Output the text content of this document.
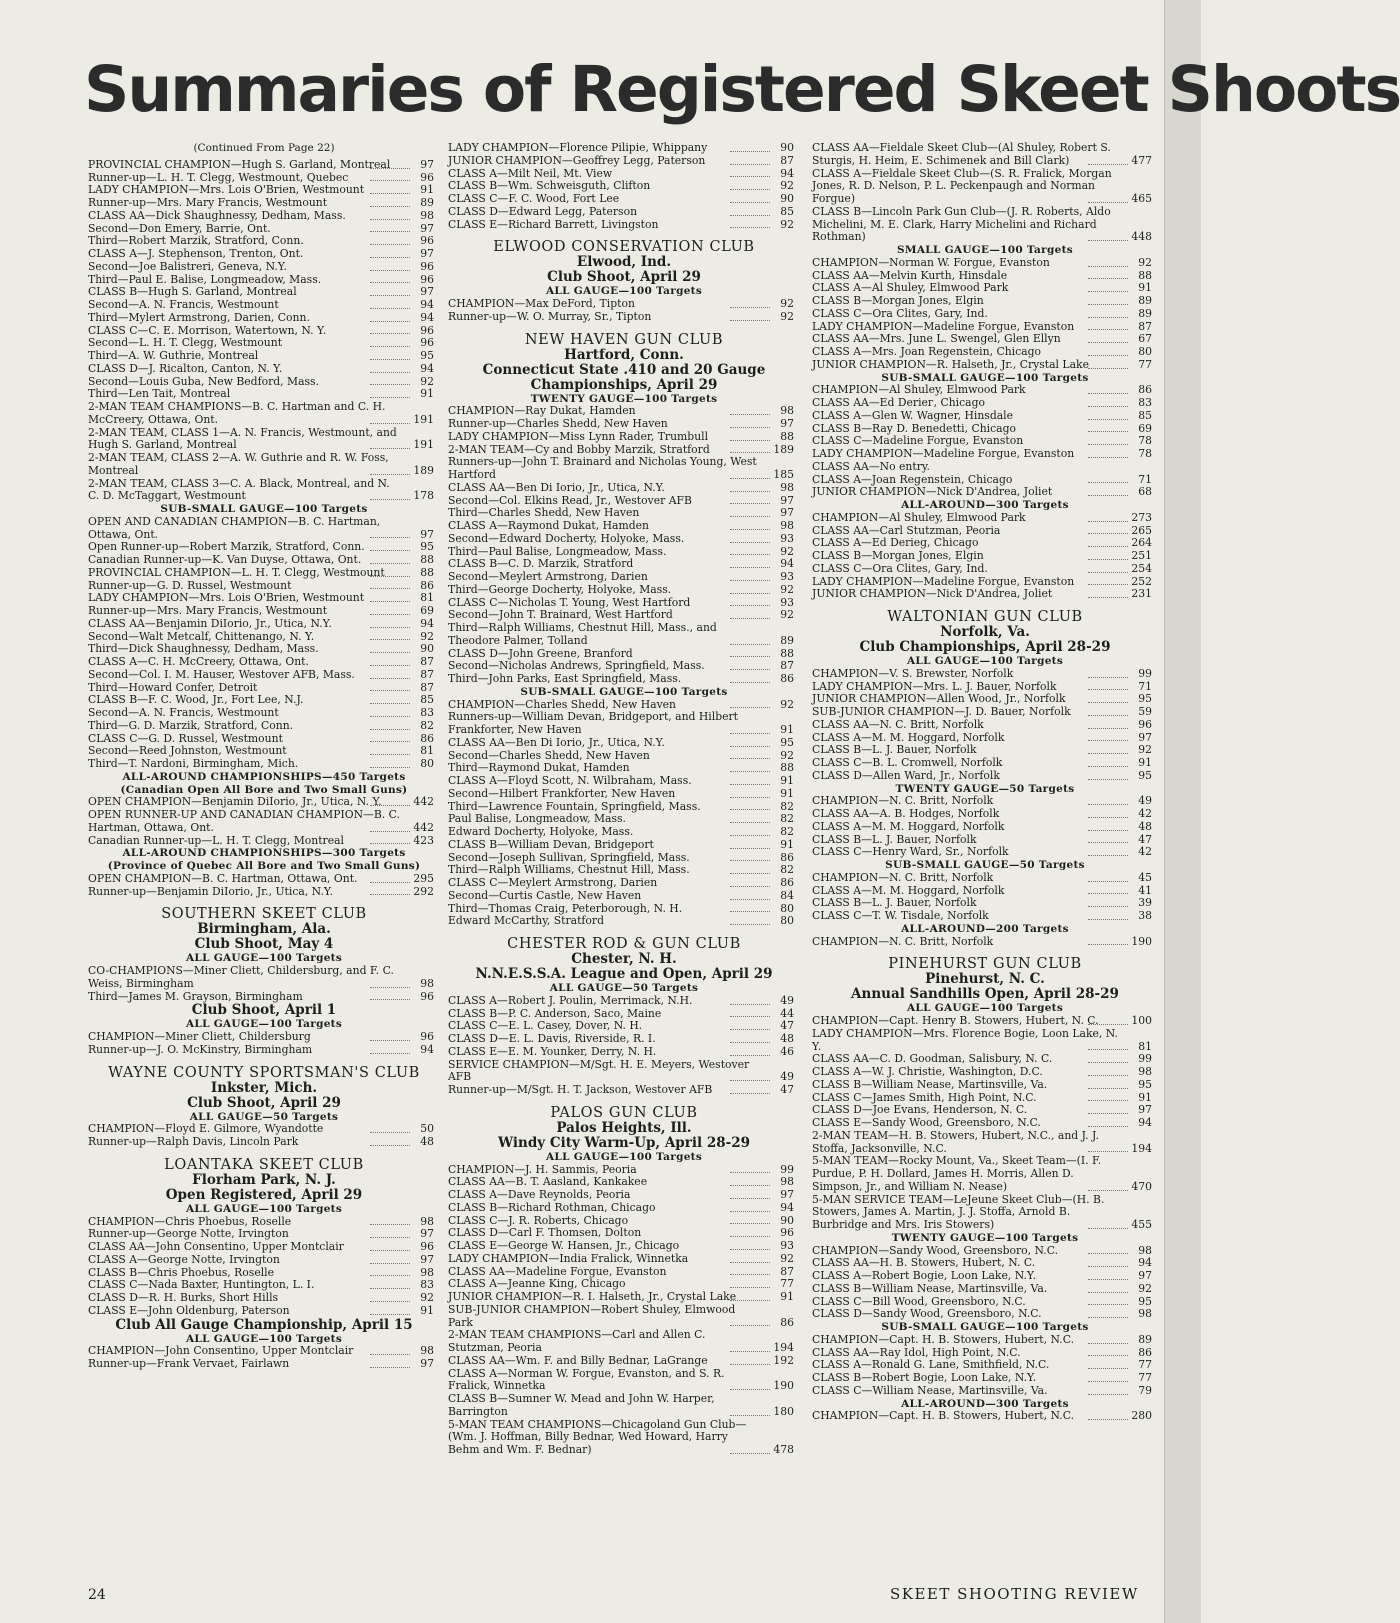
Summaries of Registered Skeet Shoots
(Continued From Page 22)
PROVINCIAL CHAMPION—Hugh S. Garland, Montreal	97
Runner-up—L. H. T. Clegg, Westmount, Quebec	96
LADY CHAMPION—Mrs. Lois O'Brien, Westmount	91
Runner-up—Mrs. Mary Francis, Westmount	89
CLASS AA—Dick Shaughnessy, Dedham, Mass.	98
Second—Don Emery, Barrie, Ont.	97
Third—Robert Marzik, Stratford, Conn.	96
CLASS A—J. Stephenson, Trenton, Ont.	97
Second—Joe Balistreri, Geneva, N.Y.	96
Third—Paul E. Balise, Longmeadow, Mass.	96
CLASS B—Hugh S. Garland, Montreal	97
Second—A. N. Francis, Westmount	94
Third—Mylert Armstrong, Darien, Conn.	94
CLASS C—C. E. Morrison, Watertown, N. Y.	96
Second—L. H. T. Clegg, Westmount	96
Third—A. W. Guthrie, Montreal	95
CLASS D—J. Ricalton, Canton, N. Y.	94
Second—Louis Guba, New Bedford, Mass.	92
Third—Len Tait, Montreal	91
2-MAN TEAM CHAMPIONS—B. C. Hartman and C. H. McCreery, Ottawa, Ont.	191
2-MAN TEAM, CLASS 1—A. N. Francis, Westmount, and Hugh S. Garland, Montreal	191
2-MAN TEAM, CLASS 2—A. W. Guthrie and R. W. Foss, Montreal	189
2-MAN TEAM, CLASS 3—C. A. Black, Montreal, and N. C. D. McTaggart, Westmount	178
SUB-SMALL GAUGE—100 Targets
OPEN AND CANADIAN CHAMPION—B. C. Hartman, Ottawa, Ont.	97
Open Runner-up—Robert Marzik, Stratford, Conn.	95
Canadian Runner-up—K. Van Duyse, Ottawa, Ont.	88
PROVINCIAL CHAMPION—L. H. T. Clegg, Westmount	88
Runner-up—G. D. Russel, Westmount	86
LADY CHAMPION—Mrs. Lois O'Brien, Westmount	81
Runner-up—Mrs. Mary Francis, Westmount	69
CLASS AA—Benjamin DiIorio, Jr., Utica, N.Y.	94
Second—Walt Metcalf, Chittenango, N. Y.	92
Third—Dick Shaughnessy, Dedham, Mass.	90
CLASS A—C. H. McCreery, Ottawa, Ont.	87
Second—Col. I. M. Hauser, Westover AFB, Mass.	87
Third—Howard Confer, Detroit	87
CLASS B—F. C. Wood, Jr., Fort Lee, N.J.	85
Second—A. N. Francis, Westmount	83
Third—G. D. Marzik, Stratford, Conn.	82
CLASS C—G. D. Russel, Westmount	86
Second—Reed Johnston, Westmount	81
Third—T. Nardoni, Birmingham, Mich.	80
ALL-AROUND CHAMPIONSHIPS—450 Targets
(Canadian Open All Bore and Two Small Guns)
OPEN CHAMPION—Benjamin DiIorio, Jr., Utica, N. Y.	442
OPEN RUNNER-UP AND CANADIAN CHAMPION—B. C. Hartman, Ottawa, Ont.	442
Canadian Runner-up—L. H. T. Clegg, Montreal	423
ALL-AROUND CHAMPIONSHIPS—300 Targets
(Province of Quebec All Bore and Two Small Guns)
OPEN CHAMPION—B. C. Hartman, Ottawa, Ont.	295
Runner-up—Benjamin DiIorio, Jr., Utica, N.Y.	292
SOUTHERN SKEET CLUB
Birmingham, Ala.
Club Shoot, May 4
ALL GAUGE—100 Targets
CO-CHAMPIONS—Miner Cliett, Childersburg, and F. C. Weiss, Birmingham	98
Third—James M. Grayson, Birmingham	96
Club Shoot, April 1
ALL GAUGE—100 Targets
CHAMPION—Miner Cliett, Childersburg	96
Runner-up—J. O. McKinstry, Birmingham	94
WAYNE COUNTY SPORTSMAN'S CLUB
Inkster, Mich.
Club Shoot, April 29
ALL GAUGE—50 Targets
CHAMPION—Floyd E. Gilmore, Wyandotte	50
Runner-up—Ralph Davis, Lincoln Park	48
LOANTAKA SKEET CLUB
Florham Park, N. J.
Open Registered, April 29
ALL GAUGE—100 Targets
CHAMPION—Chris Phoebus, Roselle	98
Runner-up—George Notte, Irvington	97
CLASS AA—John Consentino, Upper Montclair	96
CLASS A—George Notte, Irvington	97
CLASS B—Chris Phoebus, Roselle	98
CLASS C—Nada Baxter, Huntington, L. I.	83
CLASS D—R. H. Burks, Short Hills	92
CLASS E—John Oldenburg, Paterson	91
Club All Gauge Championship, April 15
ALL GAUGE—100 Targets
CHAMPION—John Consentino, Upper Montclair	98
Runner-up—Frank Vervaet, Fairlawn	97
LADY CHAMPION—Florence Pilipie, Whippany	90
JUNIOR CHAMPION—Geoffrey Legg, Paterson	87
CLASS A—Milt Neil, Mt. View	94
CLASS B—Wm. Schweisguth, Clifton	92
CLASS C—F. C. Wood, Fort Lee	90
CLASS D—Edward Legg, Paterson	85
CLASS E—Richard Barrett, Livingston	92
ELWOOD CONSERVATION CLUB
Elwood, Ind.
Club Shoot, April 29
ALL GAUGE—100 Targets
CHAMPION—Max DeFord, Tipton	92
Runner-up—W. O. Murray, Sr., Tipton	92
NEW HAVEN GUN CLUB
Hartford, Conn.
Connecticut State .410 and 20 Gauge Championships, April 29
TWENTY GAUGE—100 Targets
CHAMPION—Ray Dukat, Hamden	98
Runner-up—Charles Shedd, New Haven	97
LADY CHAMPION—Miss Lynn Rader, Trumbull	88
2-MAN TEAM—Cy and Bobby Marzik, Stratford	189
Runners-up—John T. Brainard and Nicholas Young, West Hartford	185
CLASS AA—Ben Di Iorio, Jr., Utica, N.Y.	98
Second—Col. Elkins Read, Jr., Westover AFB	97
Third—Charles Shedd, New Haven	97
CLASS A—Raymond Dukat, Hamden	98
Second—Edward Docherty, Holyoke, Mass.	93
Third—Paul Balise, Longmeadow, Mass.	92
CLASS B—C. D. Marzik, Stratford	94
Second—Meylert Armstrong, Darien	93
Third—George Docherty, Holyoke, Mass.	92
CLASS C—Nicholas T. Young, West Hartford	93
Second—John T. Brainard, West Hartford	92
Third—Ralph Williams, Chestnut Hill, Mass., and Theodore Palmer, Tolland	89
CLASS D—John Greene, Branford	88
Second—Nicholas Andrews, Springfield, Mass.	87
Third—John Parks, East Springfield, Mass.	86
SUB-SMALL GAUGE—100 Targets
CHAMPION—Charles Shedd, New Haven	92
Runners-up—William Devan, Bridgeport, and Hilbert Frankforter, New Haven	91
CLASS AA—Ben Di Iorio, Jr., Utica, N.Y.	95
Second—Charles Shedd, New Haven	92
Third—Raymond Dukat, Hamden	88
CLASS A—Floyd Scott, N. Wilbraham, Mass.	91
Second—Hilbert Frankforter, New Haven	91
Third—Lawrence Fountain, Springfield, Mass.	82
Paul Balise, Longmeadow, Mass.	82
Edward Docherty, Holyoke, Mass.	82
CLASS B—William Devan, Bridgeport	91
Second—Joseph Sullivan, Springfield, Mass.	86
Third—Ralph Williams, Chestnut Hill, Mass.	82
CLASS C—Meylert Armstrong, Darien	86
Second—Curtis Castle, New Haven	84
Third—Thomas Craig, Peterborough, N. H.	80
Edward McCarthy, Stratford	80
CHESTER ROD & GUN CLUB
Chester, N. H.
N.N.E.S.S.A. League and Open, April 29
ALL GAUGE—50 Targets
CLASS A—Robert J. Poulin, Merrimack, N.H.	49
CLASS B—P. C. Anderson, Saco, Maine	44
CLASS C—E. L. Casey, Dover, N. H.	47
CLASS D—E. L. Davis, Riverside, R. I.	48
CLASS E—E. M. Younker, Derry, N. H.	46
SERVICE CHAMPION—M/Sgt. H. E. Meyers, Westover AFB	49
Runner-up—M/Sgt. H. T. Jackson, Westover AFB	47
PALOS GUN CLUB
Palos Heights, Ill.
Windy City Warm-Up, April 28-29
ALL GAUGE—100 Targets
CHAMPION—J. H. Sammis, Peoria	99
CLASS AA—B. T. Aasland, Kankakee	98
CLASS A—Dave Reynolds, Peoria	97
CLASS B—Richard Rothman, Chicago	94
CLASS C—J. R. Roberts, Chicago	90
CLASS D—Carl F. Thomsen, Dolton	96
CLASS E—George W. Hansen, Jr., Chicago	93
LADY CHAMPION—India Fralick, Winnetka	92
CLASS AA—Madeline Forgue, Evanston	87
CLASS A—Jeanne King, Chicago	77
JUNIOR CHAMPION—R. I. Halseth, Jr., Crystal Lake	91
SUB-JUNIOR CHAMPION—Robert Shuley, Elmwood Park	86
2-MAN TEAM CHAMPIONS—Carl and Allen C. Stutzman, Peoria	194
CLASS AA—Wm. F. and Billy Bednar, LaGrange	192
CLASS A—Norman W. Forgue, Evanston, and S. R. Fralick, Winnetka	190
CLASS B—Sumner W. Mead and John W. Harper, Barrington	180
5-MAN TEAM CHAMPIONS—Chicagoland Gun Club—(Wm. J. Hoffman, Billy Bednar, Wed Howard, Harry Behm and Wm. F. Bednar)	478
CLASS AA—Fieldale Skeet Club—(Al Shuley, Robert S. Sturgis, H. Heim, E. Schimenek and Bill Clark)	477
CLASS A—Fieldale Skeet Club—(S. R. Fralick, Morgan Jones, R. D. Nelson, P. L. Peckenpaugh and Norman Forgue)	465
CLASS B—Lincoln Park Gun Club—(J. R. Roberts, Aldo Michelini, M. E. Clark, Harry Michelini and Richard Rothman)	448
SMALL GAUGE—100 Targets
CHAMPION—Norman W. Forgue, Evanston	92
CLASS AA—Melvin Kurth, Hinsdale	88
CLASS A—Al Shuley, Elmwood Park	91
CLASS B—Morgan Jones, Elgin	89
CLASS C—Ora Clites, Gary, Ind.	89
LADY CHAMPION—Madeline Forgue, Evanston	87
CLASS AA—Mrs. June L. Swengel, Glen Ellyn	67
CLASS A—Mrs. Joan Regenstein, Chicago	80
JUNIOR CHAMPION—R. Halseth, Jr., Crystal Lake	77
SUB-SMALL GAUGE—100 Targets
CHAMPION—Al Shuley, Elmwood Park	86
CLASS AA—Ed Deriег, Chicago	83
CLASS A—Glen W. Wagner, Hinsdale	85
CLASS B—Ray D. Benedetti, Chicago	69
CLASS C—Madeline Forgue, Evanston	78
LADY CHAMPION—Madeline Forgue, Evanston	78
CLASS AA—No entry.
CLASS A—Joan Regenstein, Chicago	71
JUNIOR CHAMPION—Nick D'Andrea, Joliet	68
ALL-AROUND—300 Targets
CHAMPION—Al Shuley, Elmwood Park	273
CLASS AA—Carl Stutzman, Peoria	265
CLASS A—Ed Derieg, Chicago	264
CLASS B—Morgan Jones, Elgin	251
CLASS C—Ora Clites, Gary, Ind.	254
LADY CHAMPION—Madeline Forgue, Evanston	252
JUNIOR CHAMPION—Nick D'Andrea, Joliet	231
WALTONIAN GUN CLUB
Norfolk, Va.
Club Championships, April 28-29
ALL GAUGE—100 Targets
CHAMPION—V. S. Brewster, Norfolk	99
LADY CHAMPION—Mrs. L. J. Bauer, Norfolk	71
JUNIOR CHAMPION—Allen Wood, Jr., Norfolk	95
SUB-JUNIOR CHAMPION—J. D. Bauer, Norfolk	59
CLASS AA—N. C. Britt, Norfolk	96
CLASS A—M. M. Hoggard, Norfolk	97
CLASS B—L. J. Bauer, Norfolk	92
CLASS C—B. L. Cromwell, Norfolk	91
CLASS D—Allen Ward, Jr., Norfolk	95
TWENTY GAUGE—50 Targets
CHAMPION—N. C. Britt, Norfolk	49
CLASS AA—A. B. Hodges, Norfolk	42
CLASS A—M. M. Hoggard, Norfolk	48
CLASS B—L. J. Bauer, Norfolk	47
CLASS C—Henry Ward, Sr., Norfolk	42
SUB-SMALL GAUGE—50 Targets
CHAMPION—N. C. Britt, Norfolk	45
CLASS A—M. M. Hoggard, Norfolk	41
CLASS B—L. J. Bauer, Norfolk	39
CLASS C—T. W. Tisdale, Norfolk	38
ALL-AROUND—200 Targets
CHAMPION—N. C. Britt, Norfolk	190
PINEHURST GUN CLUB
Pinehurst, N. C.
Annual Sandhills Open, April 28-29
ALL GAUGE—100 Targets
CHAMPION—Capt. Henry B. Stowers, Hubert, N. C.	100
LADY CHAMPION—Mrs. Florence Bogie, Loon Lake, N. Y.	81
CLASS AA—C. D. Goodman, Salisbury, N. C.	99
CLASS A—W. J. Christie, Washington, D.C.	98
CLASS B—William Nease, Martinsville, Va.	95
CLASS C—James Smith, High Point, N.C.	91
CLASS D—Joe Evans, Henderson, N. C.	97
CLASS E—Sandy Wood, Greensboro, N.C.	94
2-MAN TEAM—H. B. Stowers, Hubert, N.C., and J. J. Stoffa, Jacksonville, N.C.	194
5-MAN TEAM—Rocky Mount, Va., Skeet Team—(I. F. Purdue, P. H. Dollard, James H. Morris, Allen D. Simpson, Jr., and William N. Nease)	470
5-MAN SERVICE TEAM—LeJeune Skeet Club—(H. B. Stowers, James A. Martin, J. J. Stoffa, Arnold B. Burbridge and Mrs. Iris Stowers)	455
TWENTY GAUGE—100 Targets
CHAMPION—Sandy Wood, Greensboro, N.C.	98
CLASS AA—H. B. Stowers, Hubert, N. C.	94
CLASS A—Robert Bogie, Loon Lake, N.Y.	97
CLASS B—William Nease, Martinsville, Va.	92
CLASS C—Bill Wood, Greensboro, N.C.	95
CLASS D—Sandy Wood, Greensboro, N.C.	98
SUB-SMALL GAUGE—100 Targets
CHAMPION—Capt. H. B. Stowers, Hubert, N.C.	89
CLASS AA—Ray Idol, High Point, N.C.	86
CLASS A—Ronald G. Lane, Smithfield, N.C.	77
CLASS B—Robert Bogie, Loon Lake, N.Y.	77
CLASS C—William Nease, Martinsville, Va.	79
ALL-AROUND—300 Targets
CHAMPION—Capt. H. B. Stowers, Hubert, N.C.	280
24	SKEET SHOOTING REVIEW
